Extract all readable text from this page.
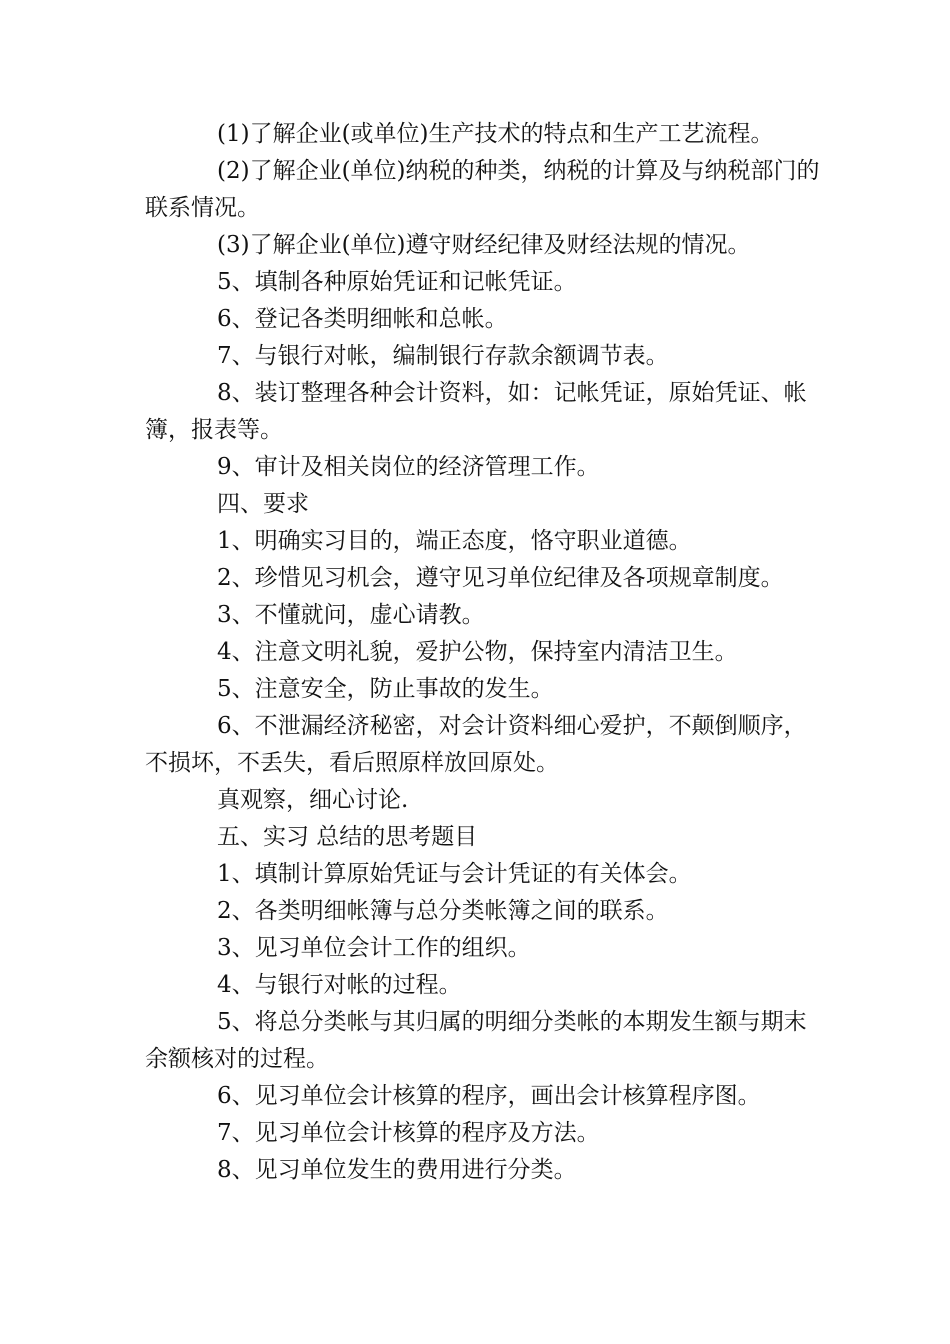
(1)了解企业(或单位)生产技术的特点和生产工艺流程。

(2)了解企业(单位)纳税的种类，纳税的计算及与纳税部门的联系情况。

(3)了解企业(单位)遵守财经纪律及财经法规的情况。

5、填制各种原始凭证和记帐凭证。

6、登记各类明细帐和总帐。

7、与银行对帐，编制银行存款余额调节表。

8、装订整理各种会计资料，如：记帐凭证，原始凭证、帐簿，报表等。

9、审计及相关岗位的经济管理工作。

四、要求

1、明确实习目的，端正态度，恪守职业道德。

2、珍惜见习机会，遵守见习单位纪律及各项规章制度。

3、不懂就问，虚心请教。

4、注意文明礼貌，爱护公物，保持室内清洁卫生。

5、注意安全，防止事故的发生。

6、不泄漏经济秘密，对会计资料细心爱护，不颠倒顺序，不损坏，不丢失，看后照原样放回原处。

真观察，细心讨论.

五、实习 总结的思考题目

1、填制计算原始凭证与会计凭证的有关体会。

2、各类明细帐簿与总分类帐簿之间的联系。

3、见习单位会计工作的组织。

4、与银行对帐的过程。

5、将总分类帐与其归属的明细分类帐的本期发生额与期末余额核对的过程。

6、见习单位会计核算的程序，画出会计核算程序图。

7、见习单位会计核算的程序及方法。

8、见习单位发生的费用进行分类。
